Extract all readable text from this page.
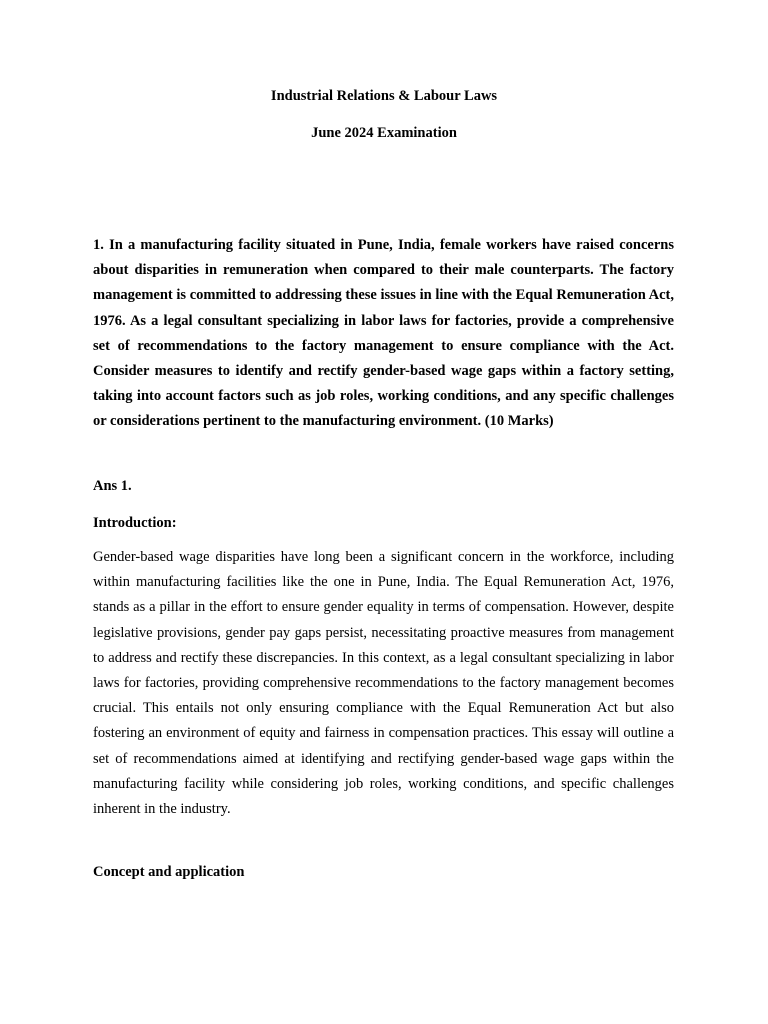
Industrial Relations & Labour Laws
June 2024 Examination

1. In a manufacturing facility situated in Pune, India, female workers have raised concerns about disparities in remuneration when compared to their male counterparts. The factory management is committed to addressing these issues in line with the Equal Remuneration Act, 1976. As a legal consultant specializing in labor laws for factories, provide a comprehensive set of recommendations to the factory management to ensure compliance with the Act. Consider measures to identify and rectify gender-based wage gaps within a factory setting, taking into account factors such as job roles, working conditions, and any specific challenges or considerations pertinent to the manufacturing environment. (10 Marks)

Ans 1.

Introduction:

Gender-based wage disparities have long been a significant concern in the workforce, including within manufacturing facilities like the one in Pune, India. The Equal Remuneration Act, 1976, stands as a pillar in the effort to ensure gender equality in terms of compensation. However, despite legislative provisions, gender pay gaps persist, necessitating proactive measures from management to address and rectify these discrepancies. In this context, as a legal consultant specializing in labor laws for factories, providing comprehensive recommendations to the factory management becomes crucial. This entails not only ensuring compliance with the Equal Remuneration Act but also fostering an environment of equity and fairness in compensation practices. This essay will outline a set of recommendations aimed at identifying and rectifying gender-based wage gaps within the manufacturing facility while considering job roles, working conditions, and specific challenges inherent in the industry.

Concept and application
